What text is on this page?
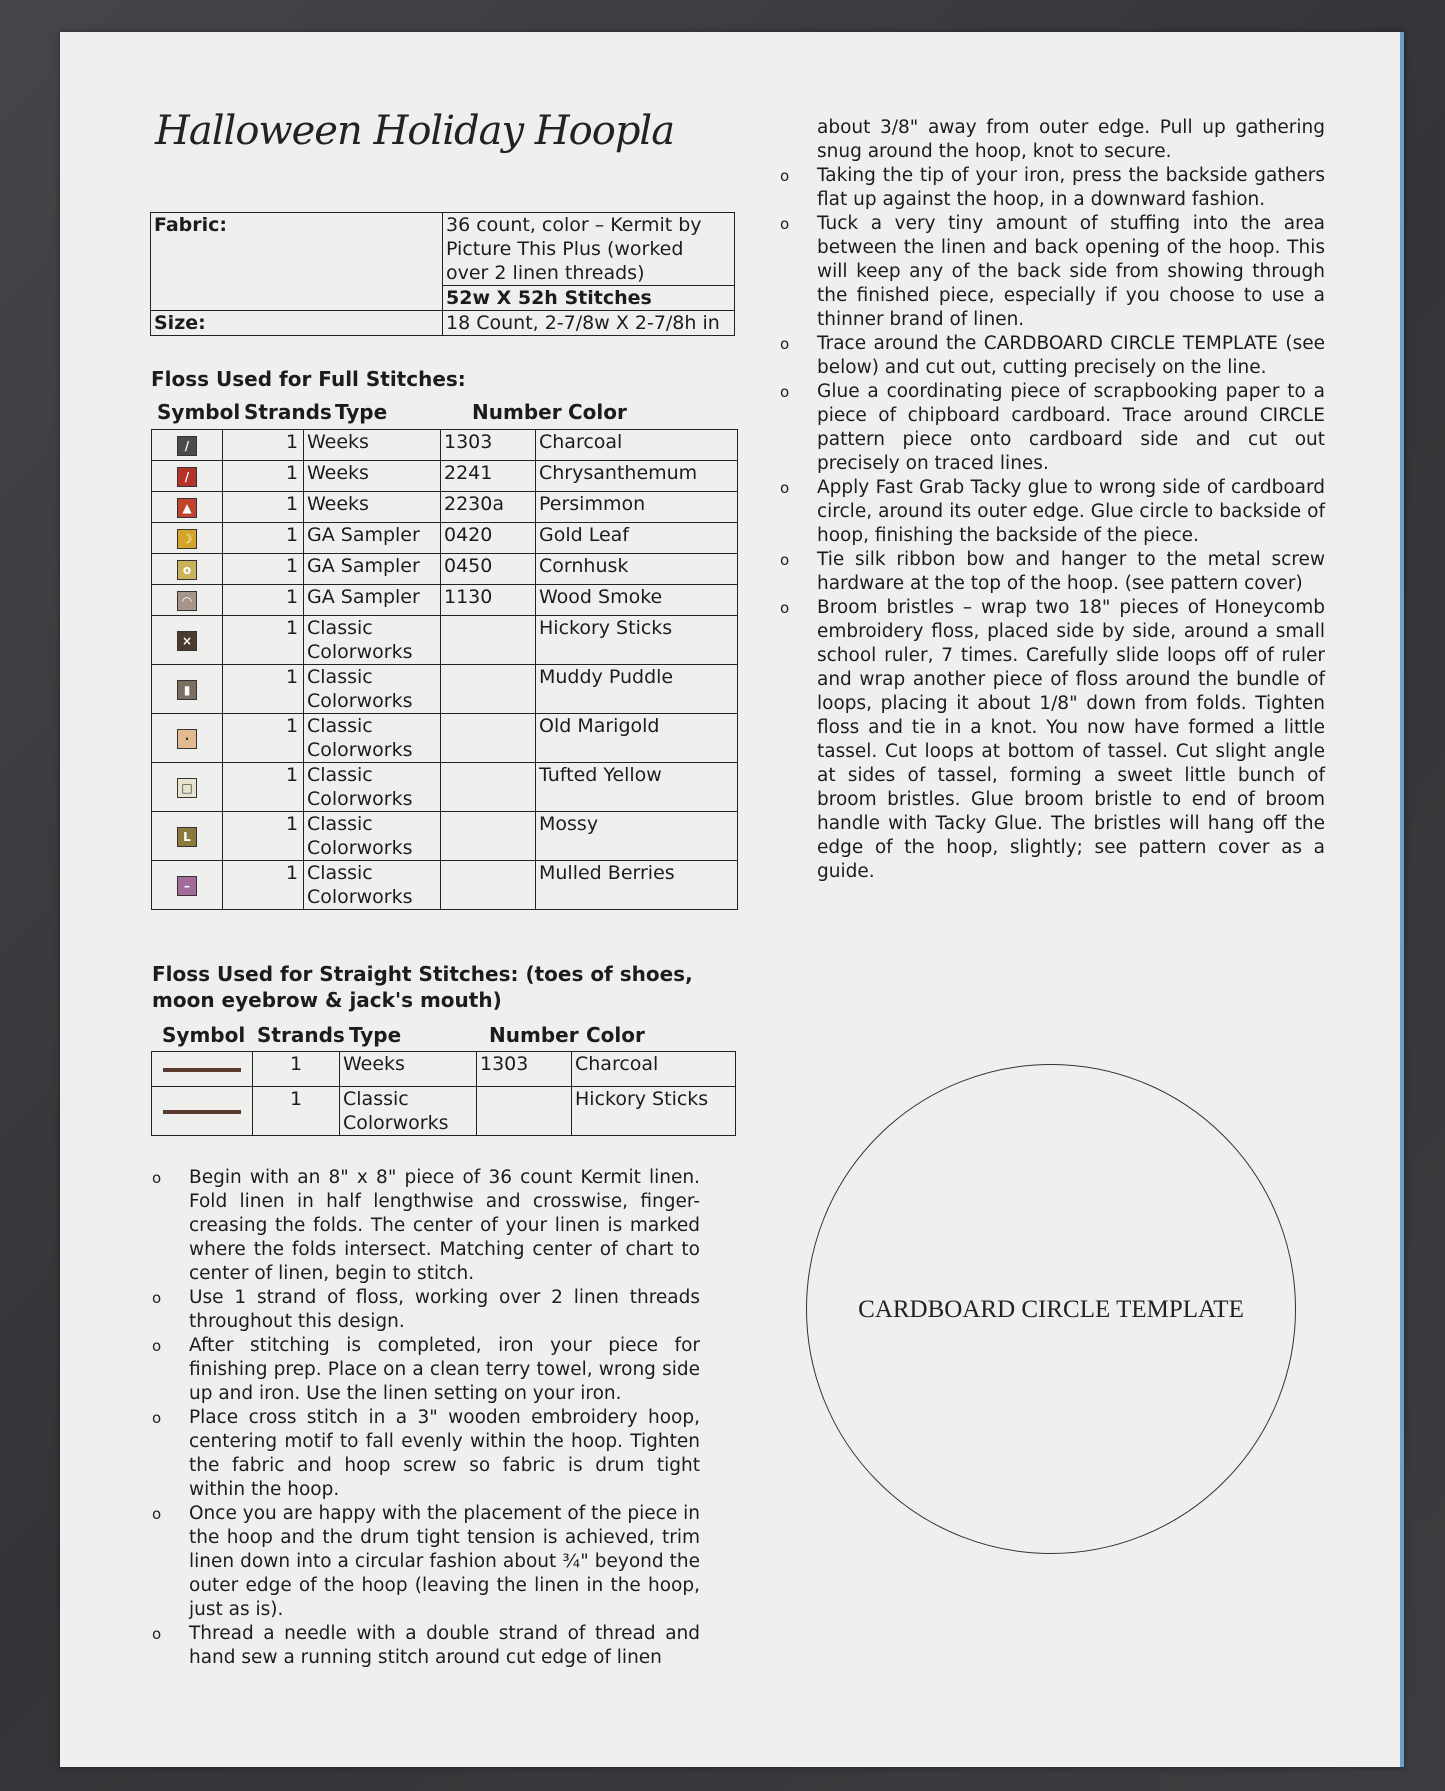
Halloween Holiday Hoopla
Fabric:	36 count, color – Kermit by Picture This Plus (worked over 2 linen threads)
	52w X 52h Stitches
Size:	18 Count, 2-7/8w X 2-7/8h in
Floss Used for Full Stitches:
Symbol Strands Type	Number Color
/	1	Weeks	1303	Charcoal
/	1	Weeks	2241	Chrysanthemum
▲	1	Weeks	2230a	Persimmon
☽	1	GA Sampler	0420	Gold Leaf
o	1	GA Sampler	0450	Cornhusk
◠	1	GA Sampler	1130	Wood Smoke
×	1	Classic Colorworks		Hickory Sticks
▮	1	Classic Colorworks		Muddy Puddle
·	1	Classic Colorworks		Old Marigold
□	1	Classic Colorworks		Tufted Yellow
L	1	Classic Colorworks		Mossy
–	1	Classic Colorworks		Mulled Berries
Floss Used for Straight Stitches: (toes of shoes, moon eyebrow & jack's mouth)
Symbol Strands Type	Number Color
	1	Weeks	1303	Charcoal
	1	Classic Colorworks		Hickory Sticks

o Begin with an 8" x 8" piece of 36 count Kermit linen. Fold linen in half lengthwise and crosswise, finger-creasing the folds. The center of your linen is marked where the folds intersect. Matching center of chart to center of linen, begin to stitch.

o Use 1 strand of floss, working over 2 linen threads throughout this design.

o After stitching is completed, iron your piece for finishing prep. Place on a clean terry towel, wrong side up and iron. Use the linen setting on your iron.

o Place cross stitch in a 3" wooden embroidery hoop, centering motif to fall evenly within the hoop. Tighten the fabric and hoop screw so fabric is drum tight within the hoop.

o Once you are happy with the placement of the piece in the hoop and the drum tight tension is achieved, trim linen down into a circular fashion about ¾" beyond the outer edge of the hoop (leaving the linen in the hoop, just as is).

o Thread a needle with a double strand of thread and hand sew a running stitch around cut edge of linen

about 3/8" away from outer edge. Pull up gathering snug around the hoop, knot to secure.

o Taking the tip of your iron, press the backside gathers flat up against the hoop, in a downward fashion.

o Tuck a very tiny amount of stuffing into the area between the linen and back opening of the hoop. This will keep any of the back side from showing through the finished piece, especially if you choose to use a thinner brand of linen.

o Trace around the CARDBOARD CIRCLE TEMPLATE (see below) and cut out, cutting precisely on the line.

o Glue a coordinating piece of scrapbooking paper to a piece of chipboard cardboard. Trace around CIRCLE pattern piece onto cardboard side and cut out precisely on traced lines.

o Apply Fast Grab Tacky glue to wrong side of cardboard circle, around its outer edge. Glue circle to backside of hoop, finishing the backside of the piece.

o Tie silk ribbon bow and hanger to the metal screw hardware at the top of the hoop. (see pattern cover)

o Broom bristles – wrap two 18" pieces of Honeycomb embroidery floss, placed side by side, around a small school ruler, 7 times. Carefully slide loops off of ruler and wrap another piece of floss around the bundle of loops, placing it about 1/8" down from folds. Tighten floss and tie in a knot. You now have formed a little tassel. Cut loops at bottom of tassel. Cut slight angle at sides of tassel, forming a sweet little bunch of broom bristles. Glue broom bristle to end of broom handle with Tacky Glue. The bristles will hang off the edge of the hoop, slightly; see pattern cover as a guide.

CARDBOARD CIRCLE TEMPLATE
